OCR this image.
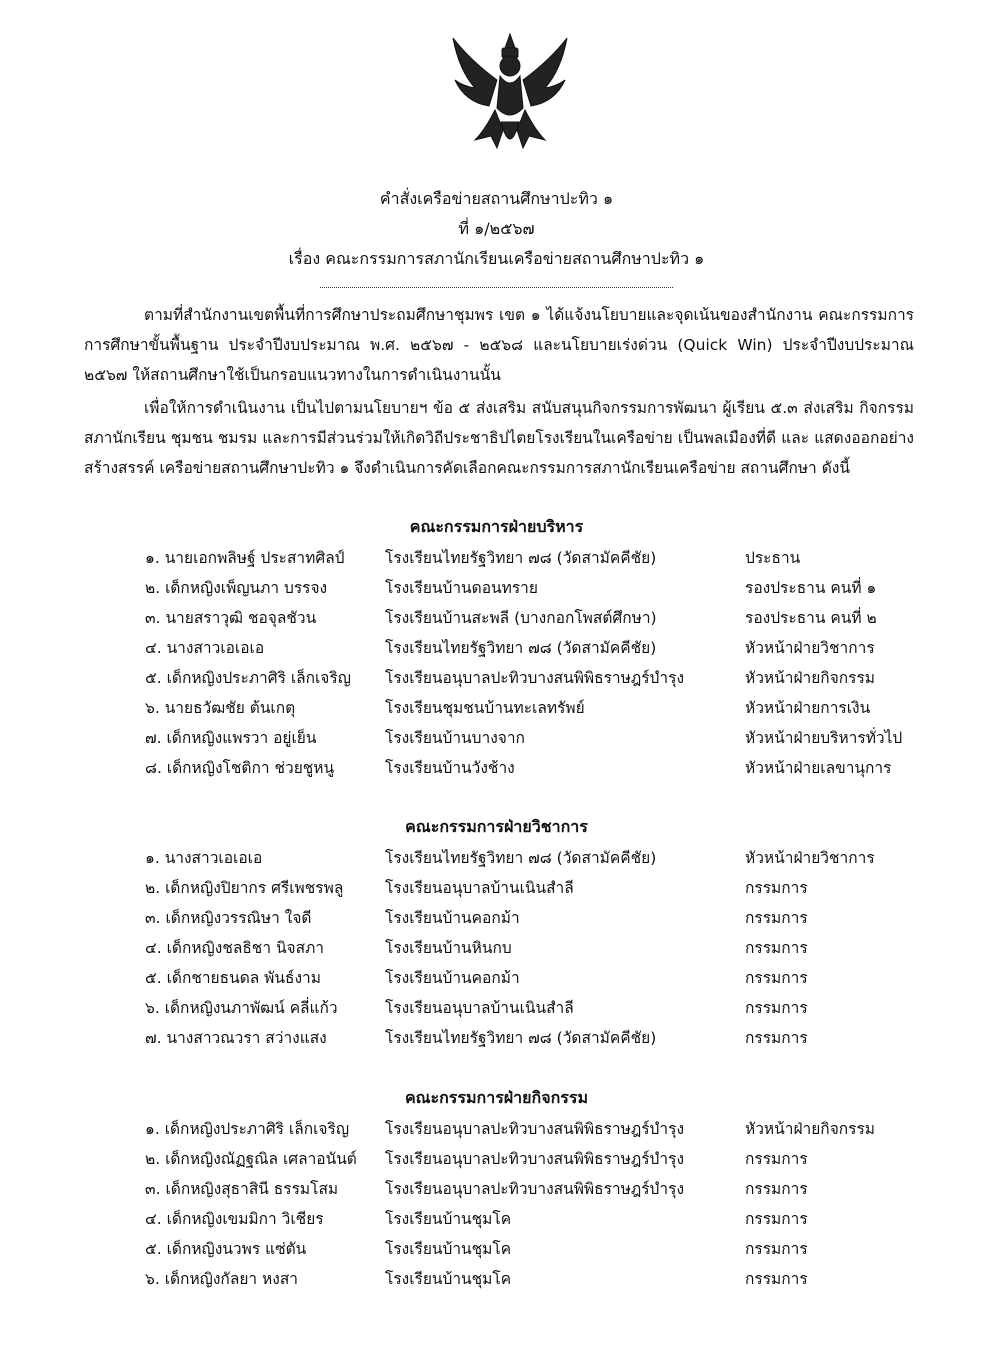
คำสั่งเครือข่ายสถานศึกษาปะทิว ๑
ที่ ๑/๒๕๖๗
เรื่อง คณะกรรมการสภานักเรียนเครือข่ายสถานศึกษาปะทิว ๑

ตามที่สำนักงานเขตพื้นที่การศึกษาประถมศึกษาชุมพร เขต ๑ ได้แจ้งนโยบายและจุดเน้นของสำนักงาน คณะกรรมการการศึกษาขั้นพื้นฐาน ประจำปีงบประมาณ พ.ศ. ๒๕๖๗ - ๒๕๖๘ และนโยบายเร่งด่วน (Quick Win) ประจำปีงบประมาณ ๒๕๖๗ ให้สถานศึกษาใช้เป็นกรอบแนวทางในการดำเนินงานนั้น

เพื่อให้การดำเนินงาน เป็นไปตามนโยบายฯ ข้อ ๕ ส่งเสริม สนับสนุนกิจกรรมการพัฒนา ผู้เรียน ๕.๓ ส่งเสริม กิจกรรมสภานักเรียน ชุมชน ชมรม และการมีส่วนร่วมให้เกิดวิถีประชาธิปไตยโรงเรียนในเครือข่าย เป็นพลเมืองที่ดี และ แสดงออกอย่างสร้างสรรค์ เครือข่ายสถานศึกษาปะทิว ๑ จึงดำเนินการคัดเลือกคณะกรรมการสภานักเรียนเครือข่าย สถานศึกษา ดังนี้

คณะกรรมการฝ่ายบริหาร
๑. นายเอกพลิษฐ์ ประสาทศิลป์	โรงเรียนไทยรัฐวิทยา ๗๘ (วัดสามัคคีชัย)	ประธาน
๒. เด็กหญิงเพ็ญนภา บรรจง	โรงเรียนบ้านดอนทราย	รองประธาน คนที่ ๑
๓. นายสราวุฒิ ชอจุลชัวน	โรงเรียนบ้านสะพลี (บางกอกโพสต์ศึกษา)	รองประธาน คนที่ ๒
๔. นางสาวเอเอเอ	โรงเรียนไทยรัฐวิทยา ๗๘ (วัดสามัคคีชัย)	หัวหน้าฝ่ายวิชาการ
๕. เด็กหญิงประภาศิริ เล็กเจริญ โรงเรียนอนุบาลปะทิวบางสนพิพิธราษฎร์บำรุง	หัวหน้าฝ่ายกิจกรรม
๖. นายธวัฒชัย ต้นเกตุ	โรงเรียนชุมชนบ้านทะเลทรัพย์	หัวหน้าฝ่ายการเงิน
๗. เด็กหญิงแพรวา อยู่เย็น	โรงเรียนบ้านบางจาก	หัวหน้าฝ่ายบริหารทั่วไป
๘. เด็กหญิงโชติกา ช่วยชูหนู	โรงเรียนบ้านวังช้าง	หัวหน้าฝ่ายเลขานุการ
คณะกรรมการฝ่ายวิชาการ
๑. นางสาวเอเอเอ	โรงเรียนไทยรัฐวิทยา ๗๘ (วัดสามัคคีชัย)	หัวหน้าฝ่ายวิชาการ
๒. เด็กหญิงปิยากร ศรีเพชรพลู	โรงเรียนอนุบาลบ้านเนินสำลี	กรรมการ
๓. เด็กหญิงวรรณิษา ใจดี	โรงเรียนบ้านคอกม้า	กรรมการ
๔. เด็กหญิงชลธิชา นิจสภา	โรงเรียนบ้านหินกบ	กรรมการ
๕. เด็กชายธนดล พันธ์งาม	โรงเรียนบ้านคอกม้า	กรรมการ
๖. เด็กหญิงนภาพัฒน์ คลี่แก้ว	โรงเรียนอนุบาลบ้านเนินสำลี	กรรมการ
๗. นางสาวณวรา สว่างแสง	โรงเรียนไทยรัฐวิทยา ๗๘ (วัดสามัคคีชัย)	กรรมการ
คณะกรรมการฝ่ายกิจกรรม
๑. เด็กหญิงประภาศิริ เล็กเจริญ โรงเรียนอนุบาลปะทิวบางสนพิพิธราษฎร์บำรุง	หัวหน้าฝ่ายกิจกรรม
๒. เด็กหญิงณัฏฐณิล เศลาอนันต์ โรงเรียนอนุบาลปะทิวบางสนพิพิธราษฎร์บำรุง	กรรมการ
๓. เด็กหญิงสุธาสินี ธรรมโสม	โรงเรียนอนุบาลปะทิวบางสนพิพิธราษฎร์บำรุง	กรรมการ
๔. เด็กหญิงเขมมิกา วิเชียร	โรงเรียนบ้านชุมโค	กรรมการ
๕. เด็กหญิงนวพร แซ่ตัน	โรงเรียนบ้านชุมโค	กรรมการ
๖. เด็กหญิงกัลยา หงสา	โรงเรียนบ้านชุมโค	กรรมการ
